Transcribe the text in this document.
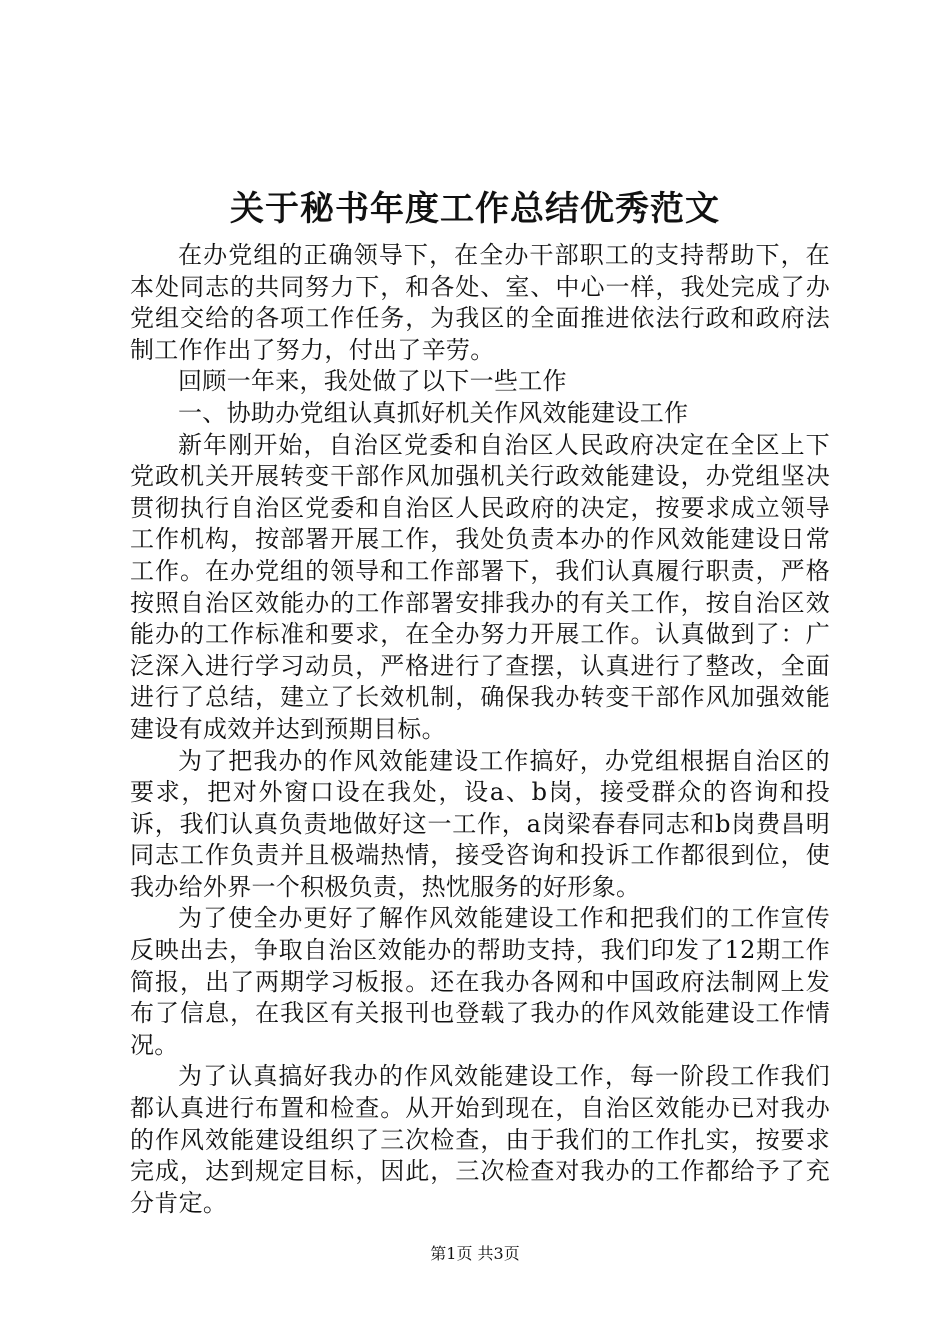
关于秘书年度工作总结优秀范文

在办党组的正确领导下，在全办干部职工的支持帮助下，在本处同志的共同努力下，和各处、室、中心一样，我处完成了办党组交给的各项工作任务，为我区的全面推进依法行政和政府法制工作作出了努力，付出了辛劳。

回顾一年来，我处做了以下一些工作

一、协助办党组认真抓好机关作风效能建设工作

新年刚开始，自治区党委和自治区人民政府决定在全区上下党政机关开展转变干部作风加强机关行政效能建设，办党组坚决贯彻执行自治区党委和自治区人民政府的决定，按要求成立领导工作机构，按部署开展工作，我处负责本办的作风效能建设日常工作。在办党组的领导和工作部署下，我们认真履行职责，严格按照自治区效能办的工作部署安排我办的有关工作，按自治区效能办的工作标准和要求，在全办努力开展工作。认真做到了：广泛深入进行学习动员，严格进行了查摆，认真进行了整改，全面进行了总结，建立了长效机制，确保我办转变干部作风加强效能建设有成效并达到预期目标。

为了把我办的作风效能建设工作搞好，办党组根据自治区的要求，把对外窗口设在我处，设a、b岗，接受群众的咨询和投诉，我们认真负责地做好这一工作，a岗梁春春同志和b岗费昌明同志工作负责并且极端热情，接受咨询和投诉工作都很到位，使我办给外界一个积极负责，热忱服务的好形象。

为了使全办更好了解作风效能建设工作和把我们的工作宣传反映出去，争取自治区效能办的帮助支持，我们印发了12期工作简报，出了两期学习板报。还在我办各网和中国政府法制网上发布了信息，在我区有关报刊也登载了我办的作风效能建设工作情况。

为了认真搞好我办的作风效能建设工作，每一阶段工作我们都认真进行布置和检查。从开始到现在，自治区效能办已对我办的作风效能建设组织了三次检查，由于我们的工作扎实，按要求完成，达到规定目标，因此，三次检查对我办的工作都给予了充分肯定。

第1页 共3页
